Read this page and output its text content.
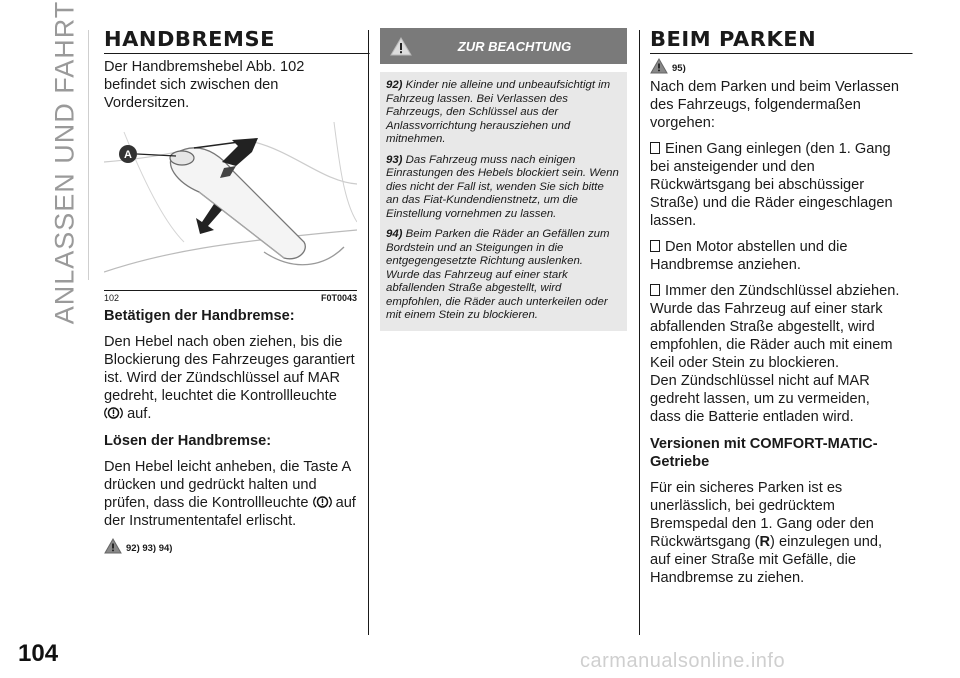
ANLASSEN UND FAHRT
104	carmanualsonline.info
HANDBREMSE

Der Handbremshebel Abb. 102 befindet sich zwischen den Vordersitzen.

A
102	F0T0043
Betätigen der Handbremse:

Den Hebel nach oben ziehen, bis die Blockierung des Fahrzeuges garantiert ist. Wird der Zündschlüssel auf MAR gedreht, leuchtet die Kontrollleuchte  auf.

Lösen der Handbremse:

Den Hebel leicht anheben, die Taste A drücken und gedrückt halten und prüfen, dass die Kontrollleuchte auf der Instrumententafel erlischt.

92) 93) 94)
ZUR BEACHTUNG
92) Kinder nie alleine und unbeaufsichtigt im Fahrzeug lassen. Bei Verlassen des Fahrzeugs, den Schlüssel aus der Anlassvorrichtung herausziehen und mitnehmen.
93) Das Fahrzeug muss nach einigen Einrastungen des Hebels blockiert sein. Wenn dies nicht der Fall ist, wenden Sie sich bitte an das Fiat-Kundendienstnetz, um die Einstellung vornehmen zu lassen.
94) Beim Parken die Räder an Gefällen zum Bordstein und an Steigungen in die entgegengesetzte Richtung auslenken. Wurde das Fahrzeug auf einer stark abfallenden Straße abgestellt, wird empfohlen, die Räder auch unterkeilen oder mit einem Stein zu blockieren.
BEIM PARKEN
95)

Nach dem Parken und beim Verlassen des Fahrzeugs, folgendermaßen vorgehen:

Einen Gang einlegen (den 1. Gang bei ansteigender und den Rückwärtsgang bei abschüssiger Straße) und die Räder eingeschlagen lassen.

Den Motor abstellen und die Handbremse anziehen.

Immer den Zündschlüssel abziehen. Wurde das Fahrzeug auf einer stark abfallenden Straße abgestellt, wird empfohlen, die Räder auch mit einem Keil oder Stein zu blockieren.

Den Zündschlüssel nicht auf MAR gedreht lassen, um zu vermeiden, dass die Batterie entladen wird.

Versionen mit COMFORT-MATIC-Getriebe

Für ein sicheres Parken ist es unerlässlich, bei gedrücktem Bremspedal den 1. Gang oder den Rückwärtsgang (R) einzulegen und, auf einer Straße mit Gefälle, die Handbremse zu ziehen.
